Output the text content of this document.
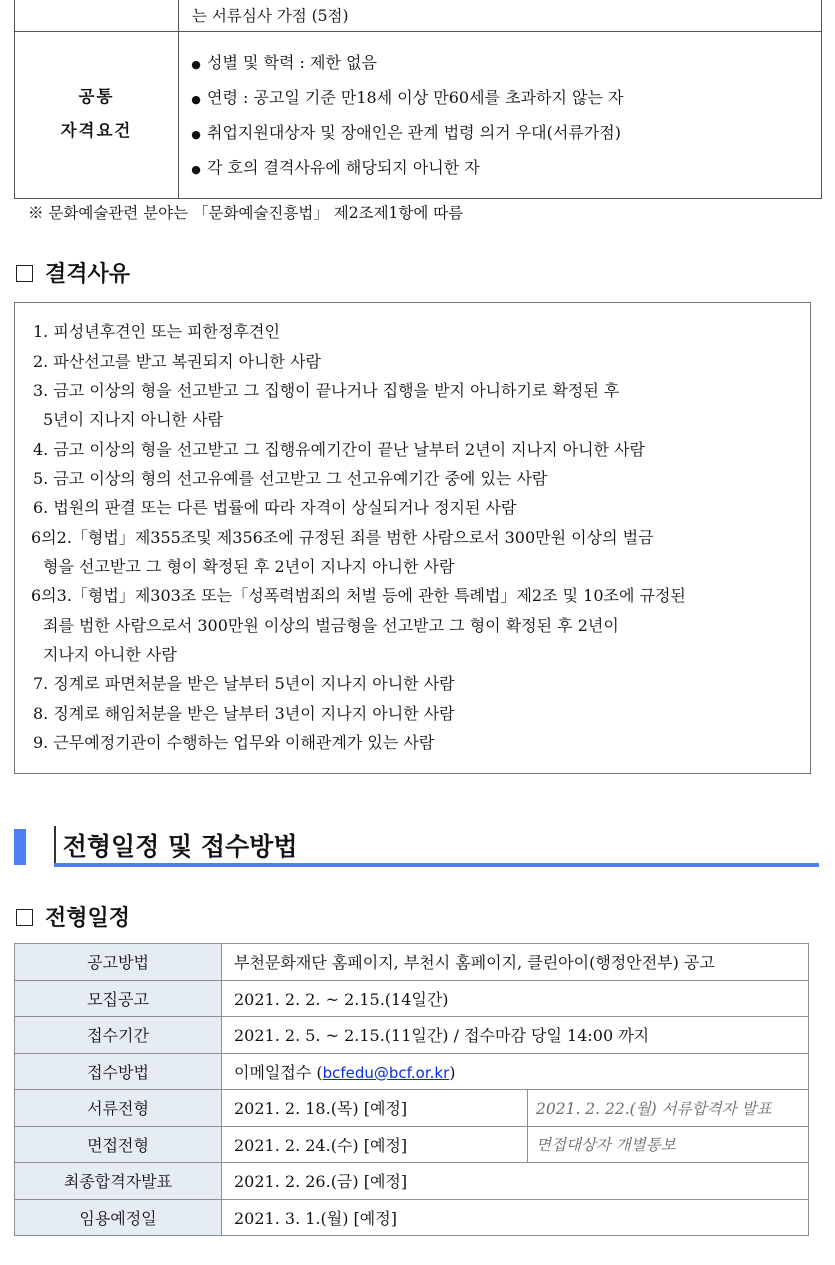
는 서류심사 가점 (5점)
공통
자격요건
● 성별 및 학력 : 제한 없음
● 연령 : 공고일 기준 만18세 이상 만60세를 초과하지 않는 자
● 취업지원대상자 및 장애인은 관계 법령 의거 우대(서류가점)
● 각 호의 결격사유에 해당되지 아니한 자
※ 문화예술관련 분야는 「문화예술진흥법」 제2조제1항에 따름
결격사유
1. 피성년후견인 또는 피한정후견인
2. 파산선고를 받고 복권되지 아니한 사람
3. 금고 이상의 형을 선고받고 그 집행이 끝나거나 집행을 받지 아니하기로 확정된 후
5년이 지나지 아니한 사람
4. 금고 이상의 형을 선고받고 그 집행유예기간이 끝난 날부터 2년이 지나지 아니한 사람
5. 금고 이상의 형의 선고유예를 선고받고 그 선고유예기간 중에 있는 사람
6. 법원의 판결 또는 다른 법률에 따라 자격이 상실되거나 정지된 사람
6의2.「형법」제355조및 제356조에 규정된 죄를 범한 사람으로서 300만원 이상의 벌금
형을 선고받고 그 형이 확정된 후 2년이 지나지 아니한 사람
6의3.「형법」제303조 또는「성폭력범죄의 처벌 등에 관한 특례법」제2조 및 10조에 규정된
죄를 범한 사람으로서 300만원 이상의 벌금형을 선고받고 그 형이 확정된 후 2년이
지나지 아니한 사람
7. 징계로 파면처분을 받은 날부터 5년이 지나지 아니한 사람
8. 징계로 해임처분을 받은 날부터 3년이 지나지 아니한 사람
9. 근무예정기관이 수행하는 업무와 이해관계가 있는 사람
전형일정 및 접수방법
전형일정
공고방법	부천문화재단 홈페이지, 부천시 홈페이지, 클린아이(행정안전부) 공고	
모집공고	2021. 2. 2. ~ 2.15.(14일간)	
접수기간	2021. 2. 5. ~ 2.15.(11일간) / 접수마감 당일 14:00 까지	
접수방법	이메일접수 (bcfedu@bcf.or.kr)	
서류전형	2021. 2. 18.(목) [예정]	2021. 2. 22.(월) 서류합격자 발표
면접전형	2021. 2. 24.(수) [예정]	면접대상자 개별통보
최종합격자발표	2021. 2. 26.(금) [예정]	
임용예정일	2021. 3. 1.(월) [예정]	
